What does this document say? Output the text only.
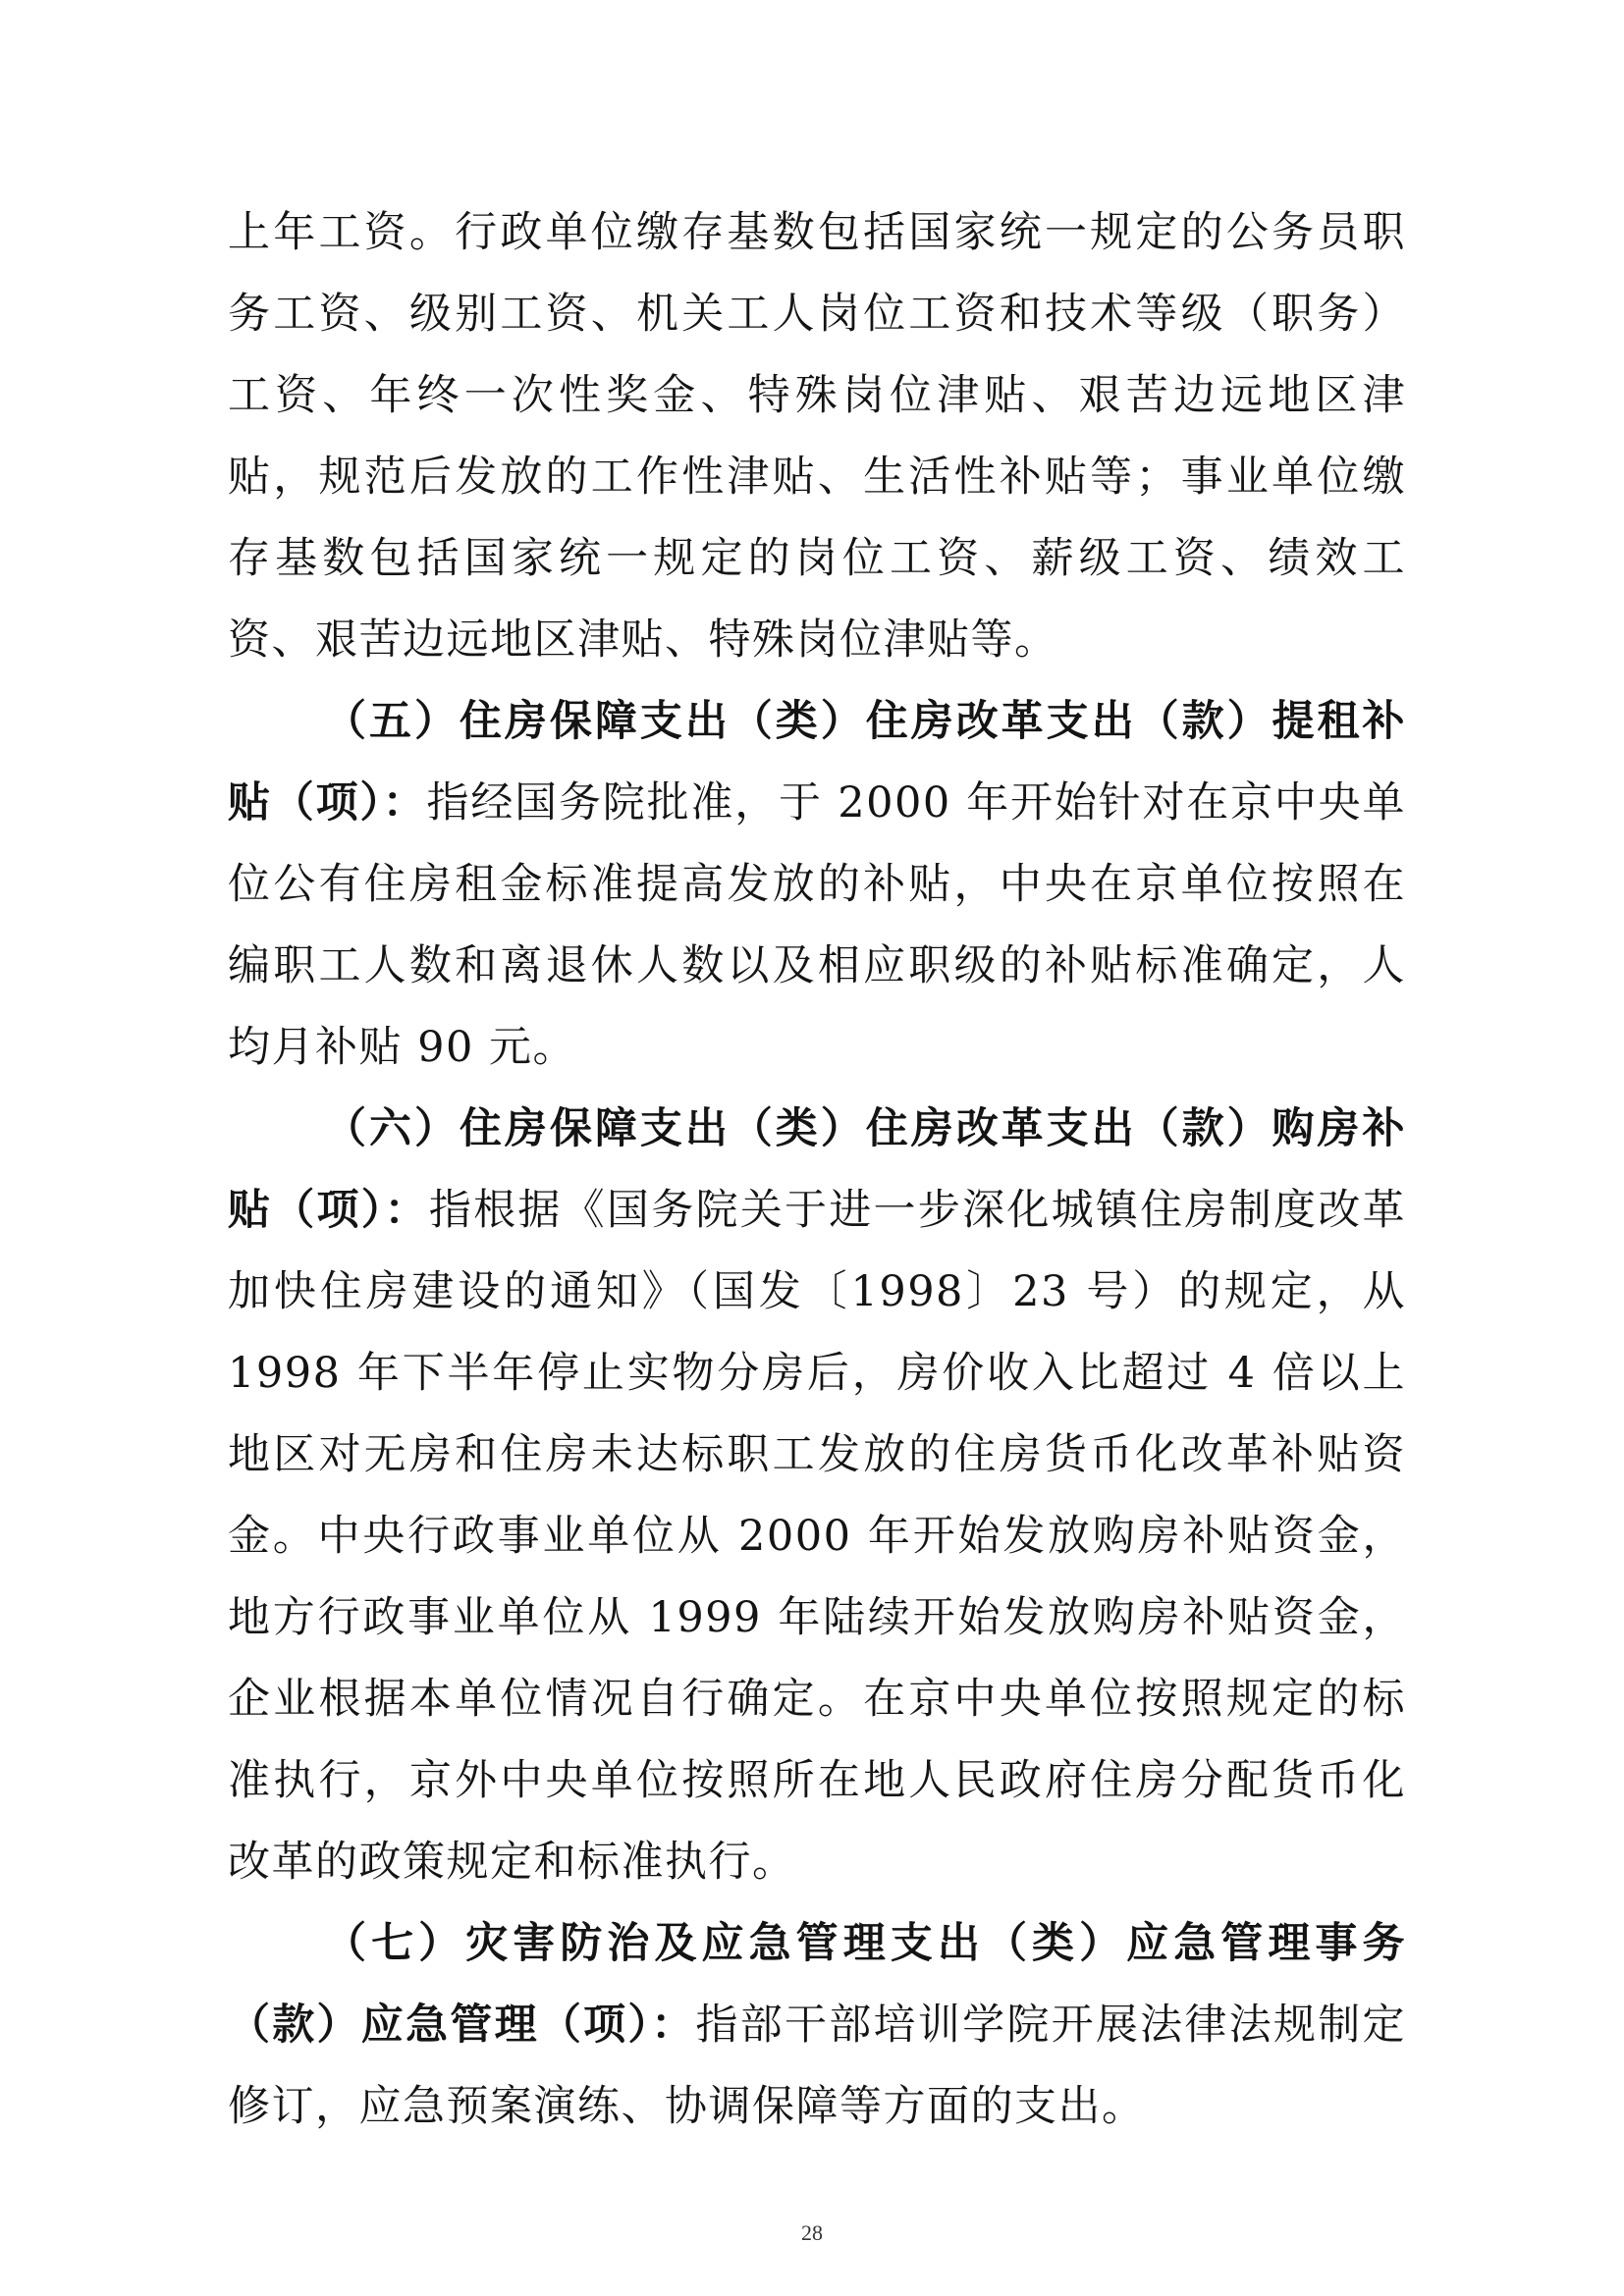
上年工资。行政单位缴存基数包括国家统一规定的公务员职务工资、级别工资、机关工人岗位工资和技术等级（职务）工资、年终一次性奖金、特殊岗位津贴、艰苦边远地区津贴，规范后发放的工作性津贴、生活性补贴等；事业单位缴存基数包括国家统一规定的岗位工资、薪级工资、绩效工资、艰苦边远地区津贴、特殊岗位津贴等。

（五）住房保障支出（类）住房改革支出（款）提租补贴（项）：指经国务院批准，于 2000 年开始针对在京中央单位公有住房租金标准提高发放的补贴，中央在京单位按照在编职工人数和离退休人数以及相应职级的补贴标准确定，人均月补贴 90 元。

（六）住房保障支出（类）住房改革支出（款）购房补贴（项）：指根据《国务院关于进一步深化城镇住房制度改革加快住房建设的通知》（国发〔1998〕23 号）的规定，从 1998 年下半年停止实物分房后，房价收入比超过 4 倍以上地区对无房和住房未达标职工发放的住房货币化改革补贴资金。中央行政事业单位从 2000 年开始发放购房补贴资金，地方行政事业单位从 1999 年陆续开始发放购房补贴资金，企业根据本单位情况自行确定。在京中央单位按照规定的标准执行，京外中央单位按照所在地人民政府住房分配货币化改革的政策规定和标准执行。

（七）灾害防治及应急管理支出（类）应急管理事务（款）应急管理（项）：指部干部培训学院开展法律法规制定修订，应急预案演练、协调保障等方面的支出。

28
